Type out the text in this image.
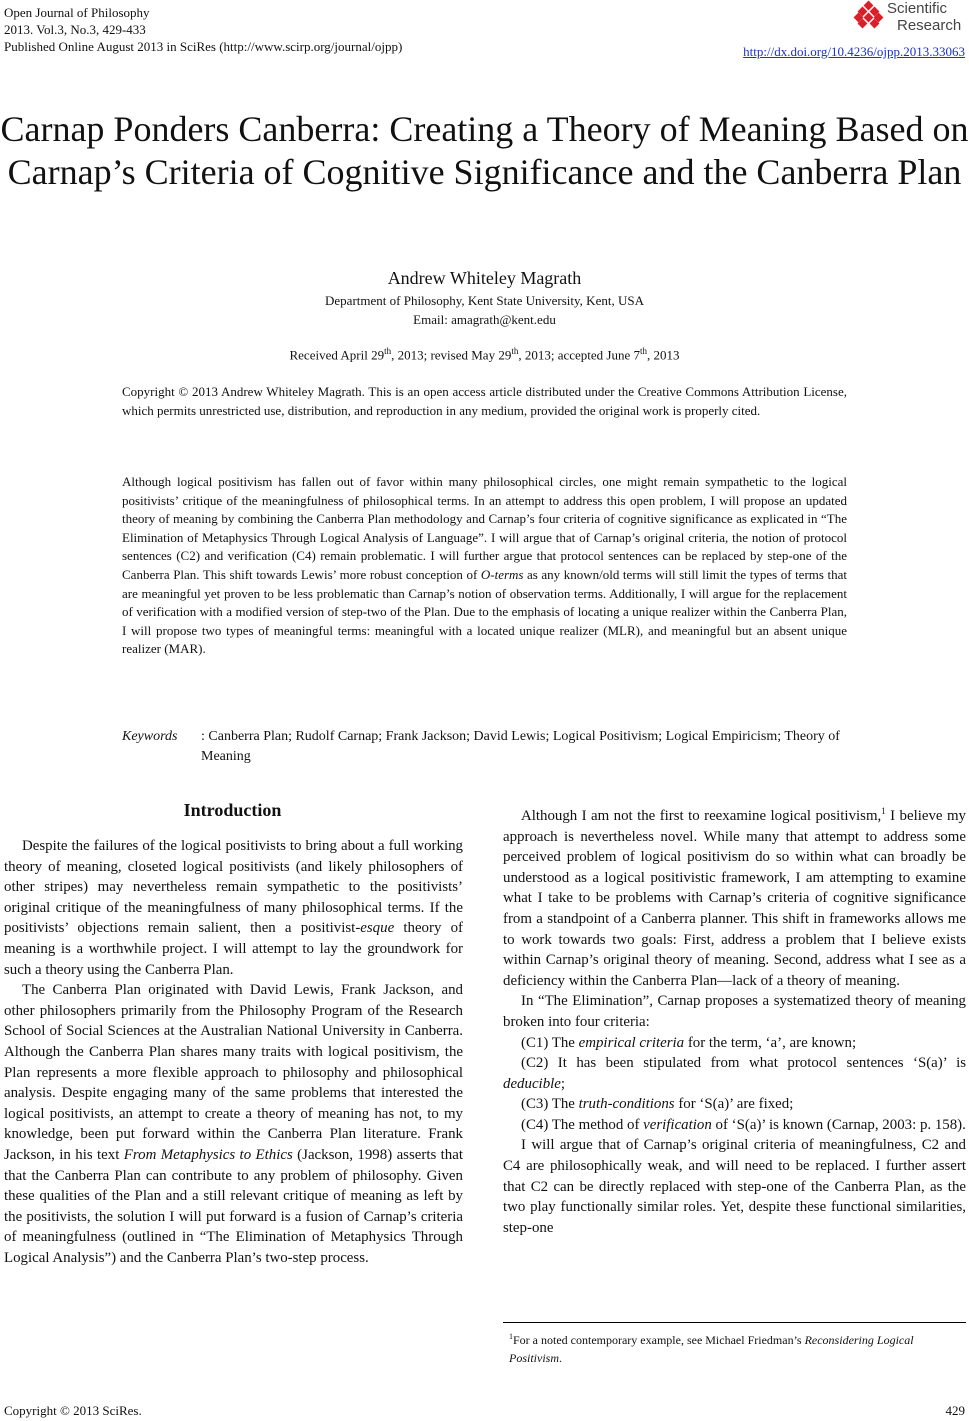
Open Journal of Philosophy
2013. Vol.3, No.3, 429-433
Published Online August 2013 in SciRes (http://www.scirp.org/journal/ojpp)
Scientific
Research
http://dx.doi.org/10.4236/ojpp.2013.33063
Carnap Ponders Canberra: Creating a Theory of Meaning Based on Carnap’s Criteria of Cognitive Significance and the Canberra Plan
Andrew Whiteley Magrath
Department of Philosophy, Kent State University, Kent, USA
Email: amagrath@kent.edu
Received April 29th, 2013; revised May 29th, 2013; accepted June 7th, 2013
Copyright © 2013 Andrew Whiteley Magrath. This is an open access article distributed under the Creative Commons Attribution License, which permits unrestricted use, distribution, and reproduction in any medium, provided the original work is properly cited.
Although logical positivism has fallen out of favor within many philosophical circles, one might remain sympathetic to the logical positivists’ critique of the meaningfulness of philosophical terms. In an attempt to address this open problem, I will propose an updated theory of meaning by combining the Canberra Plan methodology and Carnap’s four criteria of cognitive significance as explicated in “The Elimination of Metaphysics Through Logical Analysis of Language”. I will argue that of Carnap’s original criteria, the notion of protocol sentences (C2) and verification (C4) remain problematic. I will further argue that protocol sentences can be replaced by step-one of the Canberra Plan. This shift towards Lewis’ more robust conception of O-terms as any known/old terms will still limit the types of terms that are meaningful yet proven to be less problematic than Carnap’s notion of observation terms. Additionally, I will argue for the replacement of verification with a modified version of step-two of the Plan. Due to the emphasis of locating a unique realizer within the Canberra Plan, I will propose two types of meaningful terms: meaningful with a located unique realizer (MLR), and meaningful but an absent unique realizer (MAR).
Keywords : Canberra Plan; Rudolf Carnap; Frank Jackson; David Lewis; Logical Positivism; Logical Empiricism; Theory of Meaning
Introduction

Despite the failures of the logical positivists to bring about a full working theory of meaning, closeted logical positivists (and likely philosophers of other stripes) may nevertheless remain sympathetic to the positivists’ original critique of the meaningfulness of many philosophical terms. If the positivists’ objections remain salient, then a positivist-esque theory of meaning is a worthwhile project. I will attempt to lay the groundwork for such a theory using the Canberra Plan.

The Canberra Plan originated with David Lewis, Frank Jackson, and other philosophers primarily from the Philosophy Program of the Research School of Social Sciences at the Australian National University in Canberra. Although the Canberra Plan shares many traits with logical positivism, the Plan represents a more flexible approach to philosophy and philosophical analysis. Despite engaging many of the same problems that interested the logical positivists, an attempt to create a theory of meaning has not, to my knowledge, been put forward within the Canberra Plan literature. Frank Jackson, in his text From Metaphysics to Ethics (Jackson, 1998) asserts that that the Canberra Plan can contribute to any problem of philosophy. Given these qualities of the Plan and a still relevant critique of meaning as left by the positivists, the solution I will put forward is a fusion of Carnap’s criteria of meaningfulness (outlined in “The Elimination of Metaphysics Through Logical Analysis”) and the Canberra Plan’s two-step process.

Although I am not the first to reexamine logical positivism,$^1$ I believe my approach is nevertheless novel. While many that attempt to address some perceived problem of logical positivism do so within what can broadly be understood as a logical positivistic framework, I am attempting to examine what I take to be problems with Carnap’s criteria of cognitive significance from a standpoint of a Canberra planner. This shift in frameworks allows me to work towards two goals: First, address a problem that I believe exists within Carnap’s original theory of meaning. Second, address what I see as a deficiency within the Canberra Plan—lack of a theory of meaning.

In “The Elimination”, Carnap proposes a systematized theory of meaning broken into four criteria:

(C1) The empirical criteria for the term, ‘a’, are known;

(C2) It has been stipulated from what protocol sentences ‘S(a)’ is deducible;

(C3) The truth-conditions for ‘S(a)’ are fixed;

(C4) The method of verification of ‘S(a)’ is known (Carnap, 2003: p. 158).

I will argue that of Carnap’s original criteria of meaningfulness, C2 and C4 are philosophically weak, and will need to be replaced. I further assert that C2 can be directly replaced with step-one of the Canberra Plan, as the two play functionally similar roles. Yet, despite these functional similarities, step-one

$^1$For a noted contemporary example, see Michael Friedman’s Reconsidering Logical Positivism.
Copyright © 2013 SciRes.	429
